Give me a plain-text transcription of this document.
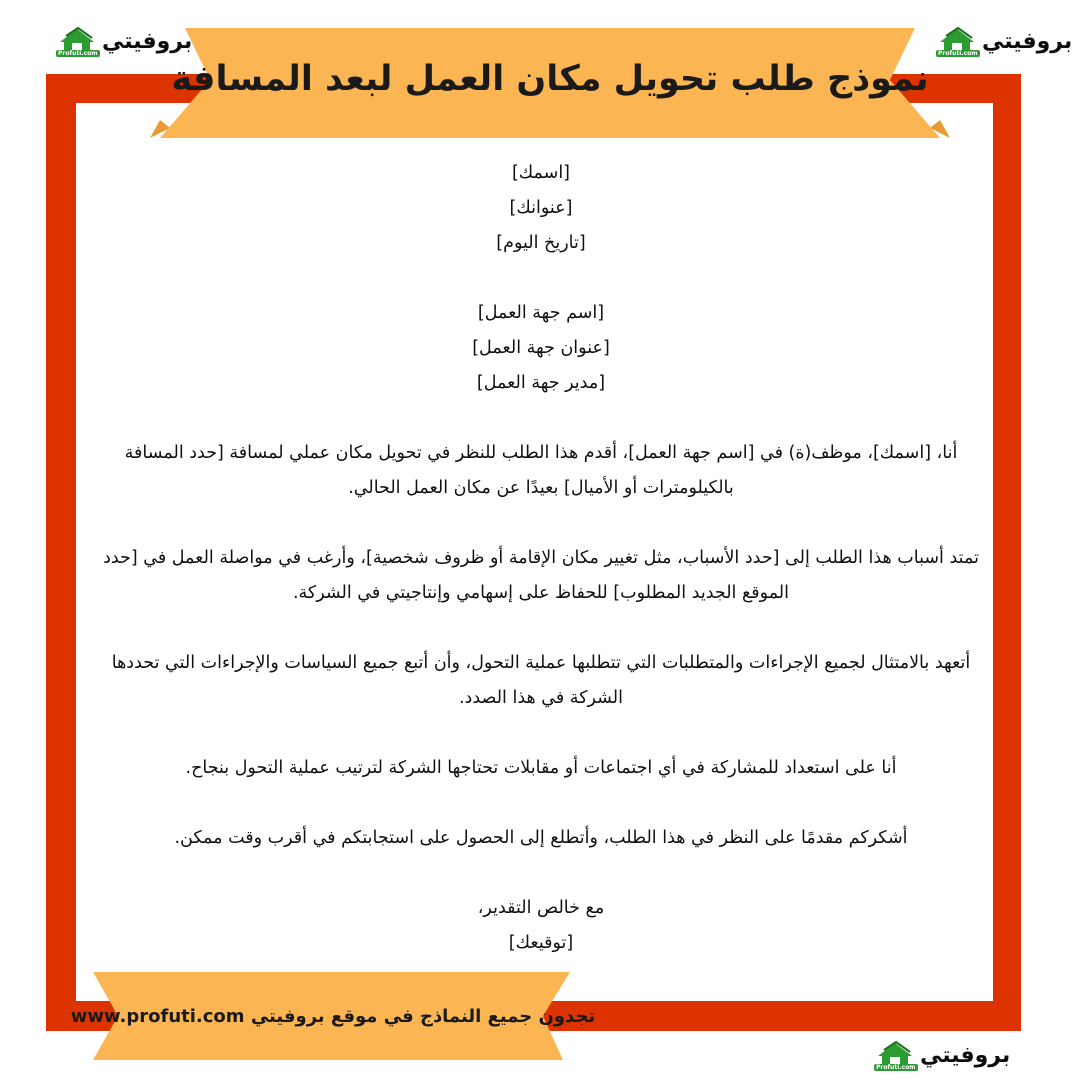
نموذج طلب تحويل مكان العمل لبعد المسافة
بروفيتي
Profuti.com	بروفيتي
Profuti.com
بروفيتي
Profuti.com

[اسمك]

[عنوانك]

[تاريخ اليوم]

[اسم جهة العمل]

[عنوان جهة العمل]

[مدير جهة العمل]

أنا، [اسمك]، موظف(ة) في [اسم جهة العمل]، أقدم هذا الطلب للنظر في تحويل مكان عملي لمسافة [حدد المسافة بالكيلومترات أو الأميال] بعيدًا عن مكان العمل الحالي.

تمتد أسباب هذا الطلب إلى [حدد الأسباب، مثل تغيير مكان الإقامة أو ظروف شخصية]، وأرغب في مواصلة العمل في [حدد الموقع الجديد المطلوب] للحفاظ على إسهامي وإنتاجيتي في الشركة.

أتعهد بالامتثال لجميع الإجراءات والمتطلبات التي تتطلبها عملية التحول، وأن أتبع جميع السياسات والإجراءات التي تحددها الشركة في هذا الصدد.

أنا على استعداد للمشاركة في أي اجتماعات أو مقابلات تحتاجها الشركة لترتيب عملية التحول بنجاح.

أشكركم مقدمًا على النظر في هذا الطلب، وأتطلع إلى الحصول على استجابتكم في أقرب وقت ممكن.

مع خالص التقدير،

[توقيعك]

تجدون جميع النماذج في موقع بروفيتي www.profuti.com
